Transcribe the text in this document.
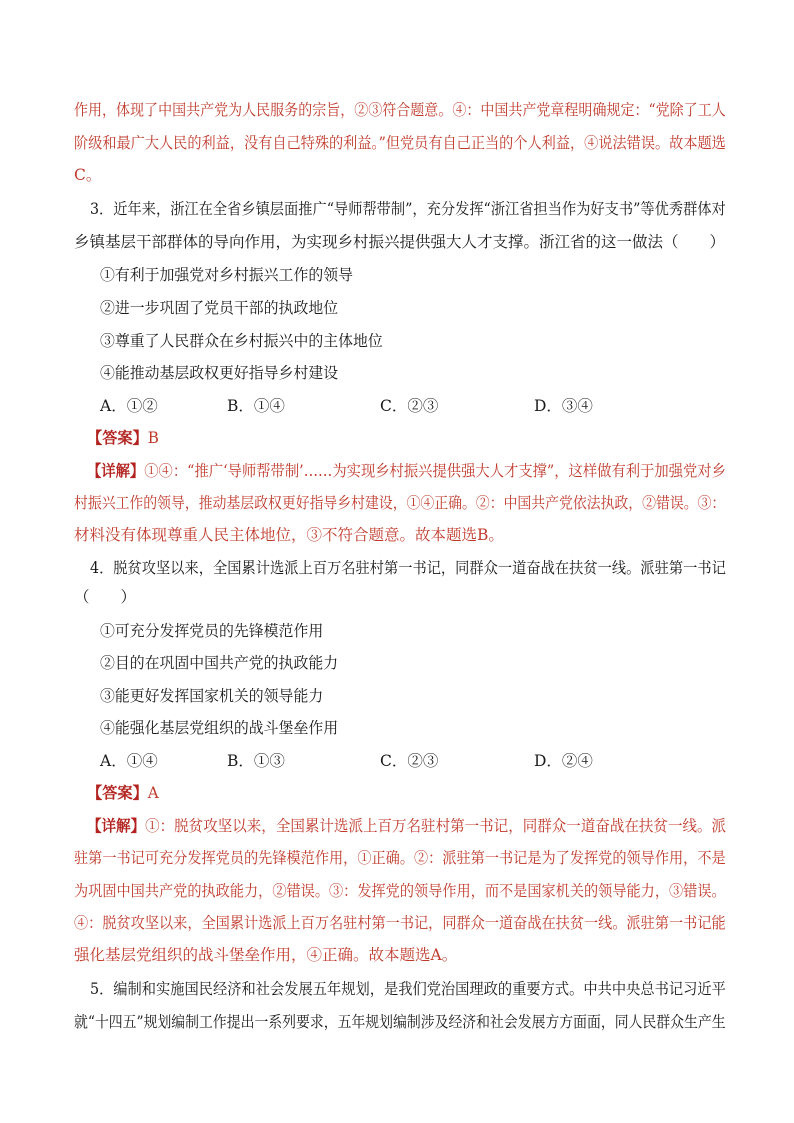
作用，体现了中国共产党为人民服务的宗旨，②③符合题意。④：中国共产党章程明确规定：“党除了工人
阶级和最广大人民的利益，没有自己特殊的利益。”但党员有自己正当的个人利益，④说法错误。故本题选
C。
3．近年来，浙江在全省乡镇层面推广“导师帮带制”，充分发挥“浙江省担当作为好支书”等优秀群体对
乡镇基层干部群体的导向作用，为实现乡村振兴提供强大人才支撑。浙江省的这一做法（　　）
①有利于加强党对乡村振兴工作的领导
②进一步巩固了党员干部的执政地位
③尊重了人民群众在乡村振兴中的主体地位
④能推动基层政权更好指导乡村建设
A．①②	B．①④	C．②③	D．③④
【答案】B
【详解】①④：“推广‘导师帮带制’……为实现乡村振兴提供强大人才支撑”，这样做有利于加强党对乡
村振兴工作的领导，推动基层政权更好指导乡村建设，①④正确。②：中国共产党依法执政，②错误。③：
材料没有体现尊重人民主体地位，③不符合题意。故本题选B。
4．脱贫攻坚以来，全国累计选派上百万名驻村第一书记，同群众一道奋战在扶贫一线。派驻第一书记
（　　）
①可充分发挥党员的先锋模范作用
②目的在巩固中国共产党的执政能力
③能更好发挥国家机关的领导能力
④能强化基层党组织的战斗堡垒作用
A．①④	B．①③	C．②③	D．②④
【答案】A
【详解】①：脱贫攻坚以来，全国累计选派上百万名驻村第一书记，同群众一道奋战在扶贫一线。派
驻第一书记可充分发挥党员的先锋模范作用，①正确。②：派驻第一书记是为了发挥党的领导作用，不是
为巩固中国共产党的执政能力，②错误。③：发挥党的领导作用，而不是国家机关的领导能力，③错误。
④：脱贫攻坚以来，全国累计选派上百万名驻村第一书记，同群众一道奋战在扶贫一线。派驻第一书记能
强化基层党组织的战斗堡垒作用，④正确。故本题选A。
5．编制和实施国民经济和社会发展五年规划，是我们党治国理政的重要方式。中共中央总书记习近平
就“十四五”规划编制工作提出一系列要求，五年规划编制涉及经济和社会发展方方面面，同人民群众生产生
